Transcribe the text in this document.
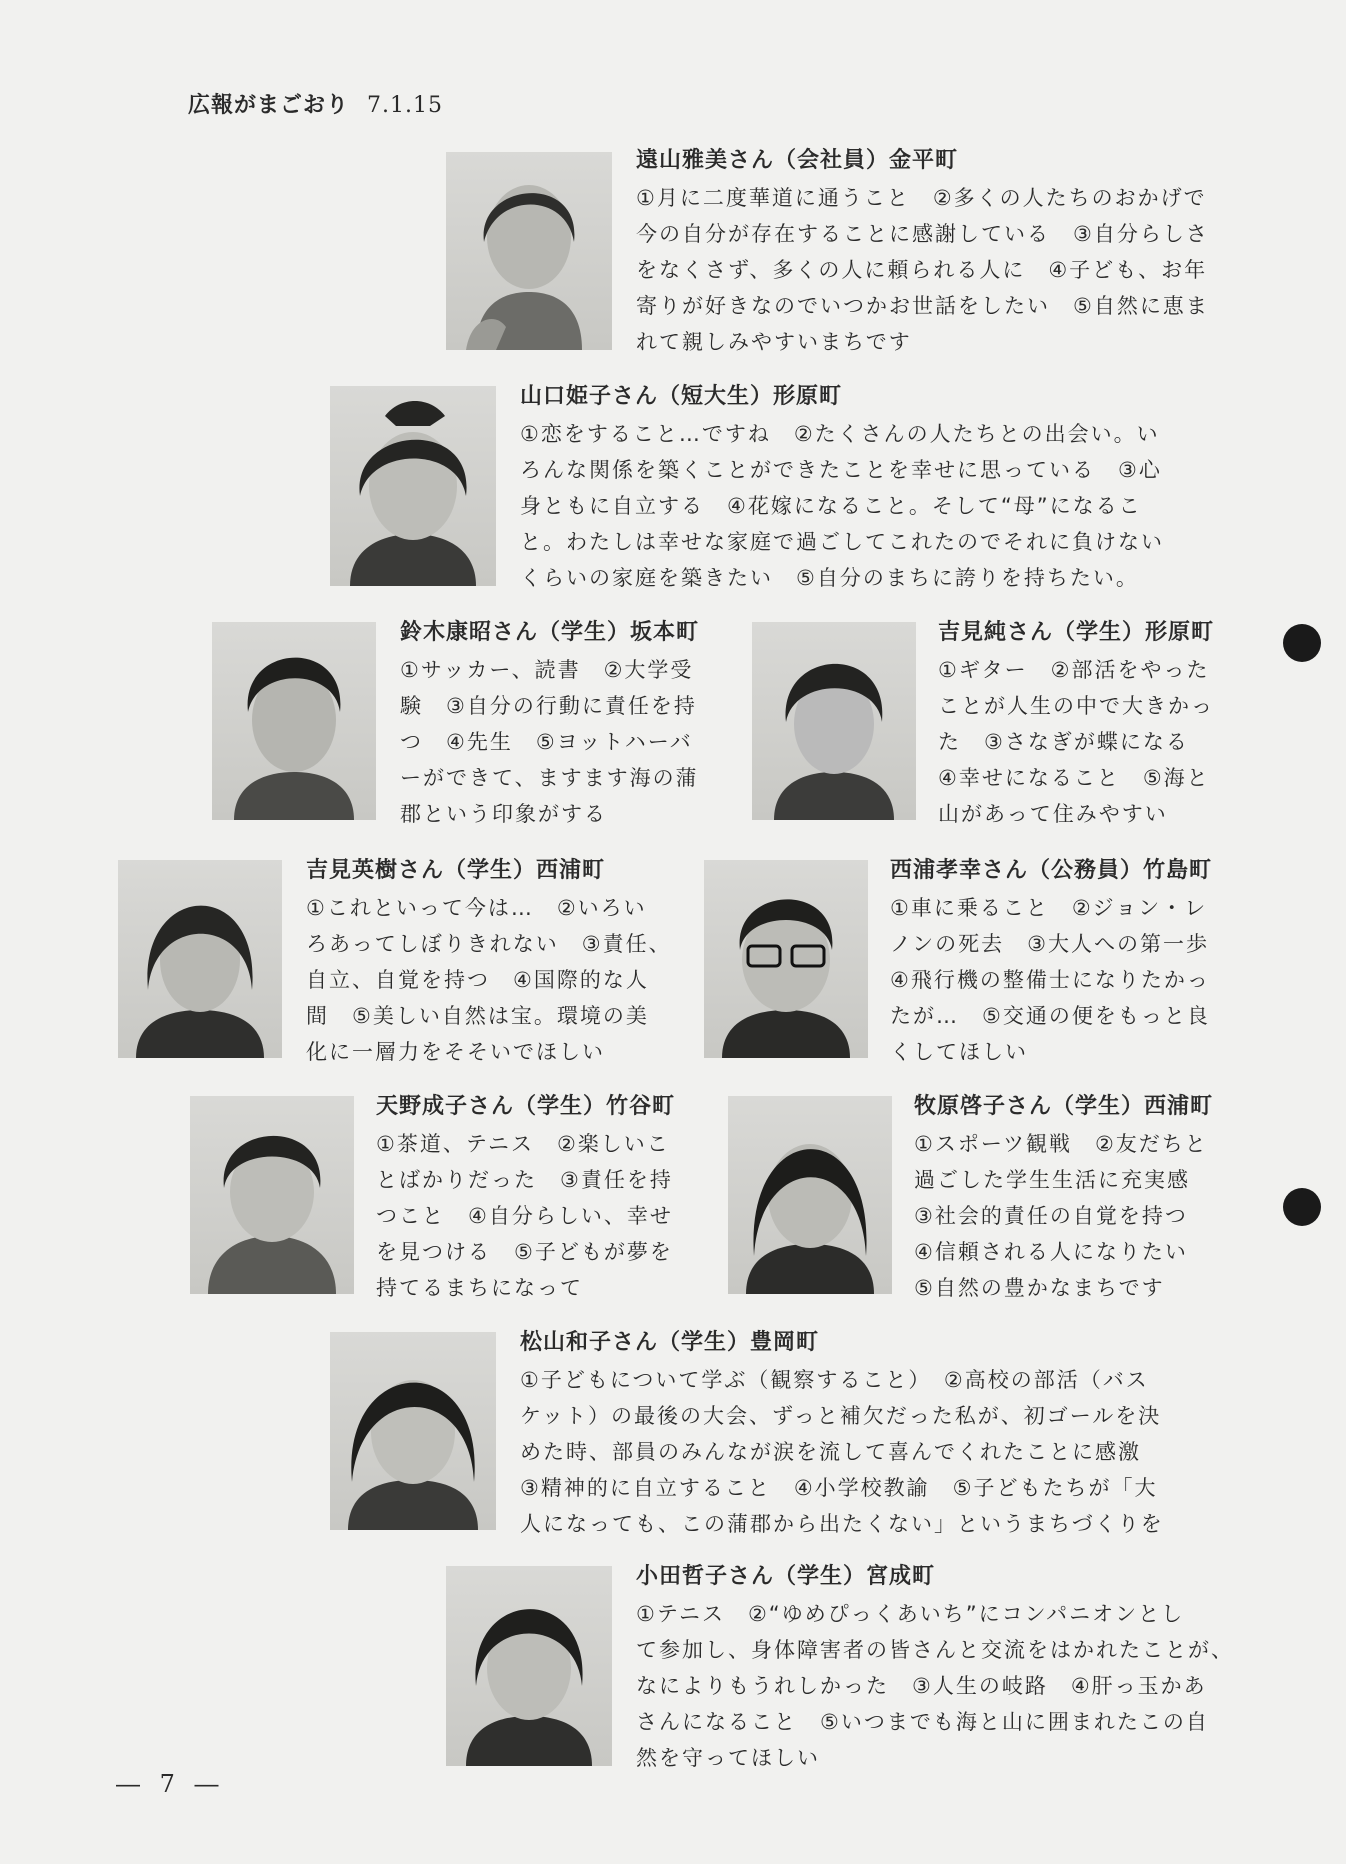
広報がまごおり 7.1.15
遠山雅美さん（会社員）金平町
①月に二度華道に通うこと　②多くの人たちのおかげで
今の自分が存在することに感謝している　③自分らしさ
をなくさず、多くの人に頼られる人に　④子ども、お年
寄りが好きなのでいつかお世話をしたい　⑤自然に恵ま
れて親しみやすいまちです
山口姫子さん（短大生）形原町
①恋をすること…ですね　②たくさんの人たちとの出会い。い
ろんな関係を築くことができたことを幸せに思っている　③心
身ともに自立する　④花嫁になること。そして“母”になるこ
と。わたしは幸せな家庭で過ごしてこれたのでそれに負けない
くらいの家庭を築きたい　⑤自分のまちに誇りを持ちたい。
鈴木康昭さん（学生）坂本町
①サッカー、読書　②大学受
験　③自分の行動に責任を持
つ　④先生　⑤ヨットハーバ
ーができて、ますます海の蒲
郡という印象がする
吉見純さん（学生）形原町
①ギター　②部活をやった
ことが人生の中で大きかっ
た　③さなぎが蝶になる
④幸せになること　⑤海と
山があって住みやすい
吉見英樹さん（学生）西浦町
①これといって今は…　②いろい
ろあってしぼりきれない　③責任、
自立、自覚を持つ　④国際的な人
間　⑤美しい自然は宝。環境の美
化に一層力をそそいでほしい
西浦孝幸さん（公務員）竹島町
①車に乗ること　②ジョン・レ
ノンの死去　③大人への第一歩
④飛行機の整備士になりたかっ
たが…　⑤交通の便をもっと良
くしてほしい
天野成子さん（学生）竹谷町
①茶道、テニス　②楽しいこ
とばかりだった　③責任を持
つこと　④自分らしい、幸せ
を見つける　⑤子どもが夢を
持てるまちになって
牧原啓子さん（学生）西浦町
①スポーツ観戦　②友だちと
過ごした学生生活に充実感
③社会的責任の自覚を持つ
④信頼される人になりたい
⑤自然の豊かなまちです
松山和子さん（学生）豊岡町
①子どもについて学ぶ（観察すること）　②高校の部活（バス
ケット）の最後の大会、ずっと補欠だった私が、初ゴールを決
めた時、部員のみんなが涙を流して喜んでくれたことに感激
③精神的に自立すること　④小学校教諭　⑤子どもたちが「大
人になっても、この蒲郡から出たくない」というまちづくりを
小田哲子さん（学生）宮成町
①テニス　②“ゆめぴっくあいち”にコンパニオンとし
て参加し、身体障害者の皆さんと交流をはかれたことが、
なによりもうれしかった　③人生の岐路　④肝っ玉かあ
さんになること　⑤いつまでも海と山に囲まれたこの自
然を守ってほしい
― 7 ―
